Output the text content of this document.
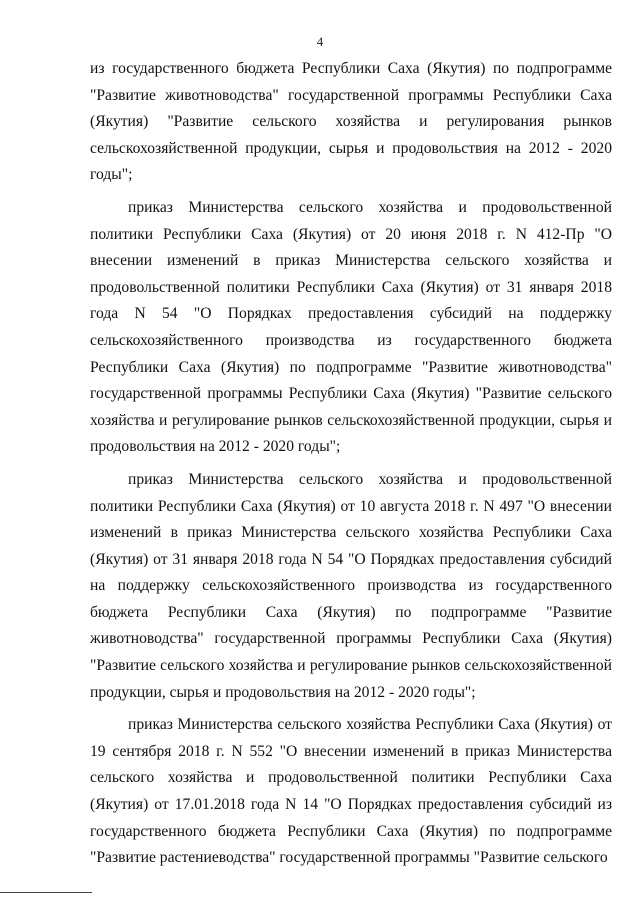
4

из государственного бюджета Республики Саха (Якутия) по подпрограмме "Развитие животноводства" государственной программы Республики Саха (Якутия) "Развитие сельского хозяйства и регулирования рынков сельскохозяйственной продукции, сырья и продовольствия на 2012 - 2020 годы";

приказ Министерства сельского хозяйства и продовольственной политики Республики Саха (Якутия) от 20 июня 2018 г. N 412-Пр "О внесении изменений в приказ Министерства сельского хозяйства и продовольственной политики Республики Саха (Якутия) от 31 января 2018 года N 54 "О Порядках предоставления субсидий на поддержку сельскохозяйственного производства из государственного бюджета Республики Саха (Якутия) по подпрограмме "Развитие животноводства" государственной программы Республики Саха (Якутия) "Развитие сельского хозяйства и регулирование рынков сельскохозяйственной продукции, сырья и продовольствия на 2012 - 2020 годы";

приказ Министерства сельского хозяйства и продовольственной политики Республики Саха (Якутия) от 10 августа 2018 г. N 497 "О внесении изменений в приказ Министерства сельского хозяйства Республики Саха (Якутия) от 31 января 2018 года N 54 "О Порядках предоставления субсидий на поддержку сельскохозяйственного производства из государственного бюджета Республики Саха (Якутия) по подпрограмме "Развитие животноводства" государственной программы Республики Саха (Якутия) "Развитие сельского хозяйства и регулирование рынков сельскохозяйственной продукции, сырья и продовольствия на 2012 - 2020 годы";

приказ Министерства сельского хозяйства Республики Саха (Якутия) от 19 сентября 2018 г. N 552 "О внесении изменений в приказ Министерства сельского хозяйства и продовольственной политики Республики Саха (Якутия) от 17.01.2018 года N 14 "О Порядках предоставления субсидий из государственного бюджета Республики Саха (Якутия) по подпрограмме "Развитие растениеводства" государственной программы "Развитие сельского
